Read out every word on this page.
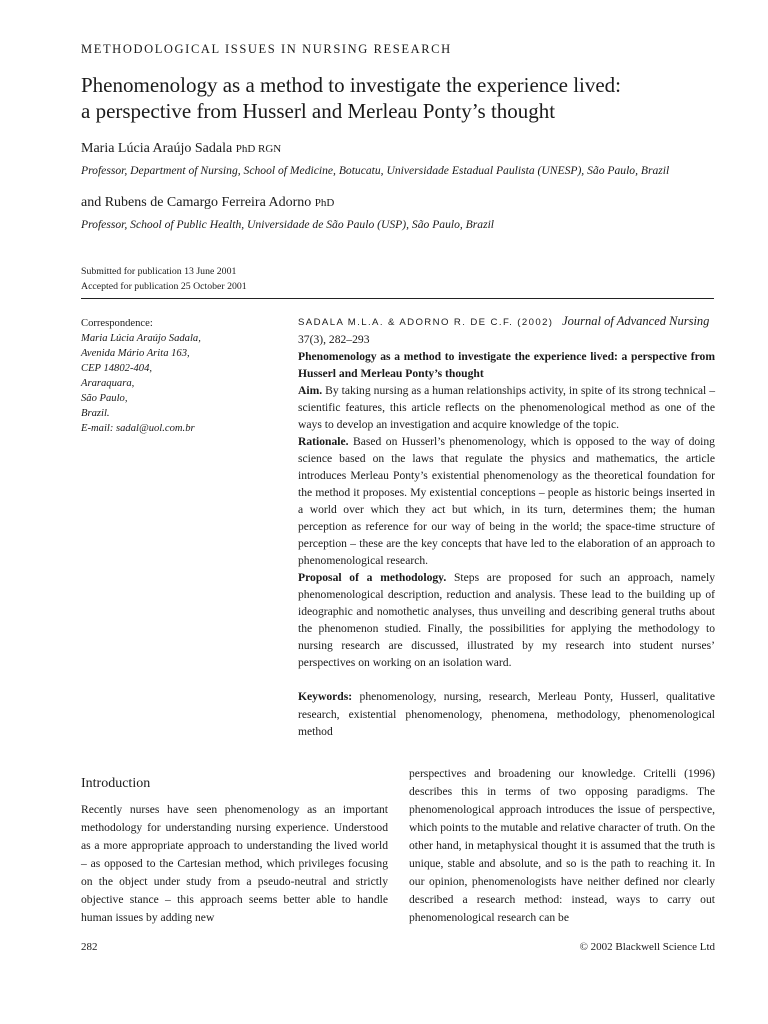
METHODOLOGICAL ISSUES IN NURSING RESEARCH
Phenomenology as a method to investigate the experience lived:
a perspective from Husserl and Merleau Ponty’s thought
Maria Lúcia Araújo Sadala PhD RGN
Professor, Department of Nursing, School of Medicine, Botucatu, Universidade Estadual Paulista (UNESP), São Paulo, Brazil
and Rubens de Camargo Ferreira Adorno PhD
Professor, School of Public Health, Universidade de São Paulo (USP), São Paulo, Brazil
Submitted for publication 13 June 2001
Accepted for publication 25 October 2001
Correspondence:
Maria Lúcia Araújo Sadala,
Avenida Mário Arita 163,
CEP 14802-404,
Araraquara,
São Paulo,
Brazil.
E-mail: sadal@uol.com.br
SADALA M.L.A. & ADORNO R. DE C.F. (2002) Journal of Advanced Nursing

37(3), 282–293

Phenomenology as a method to investigate the experience lived: a perspective from Husserl and Merleau Ponty’s thought

Aim. By taking nursing as a human relationships activity, in spite of its strong technical – scientific features, this article reflects on the phenomenological method as one of the ways to develop an investigation and acquire knowledge of the topic.

Rationale. Based on Husserl’s phenomenology, which is opposed to the way of doing science based on the laws that regulate the physics and mathematics, the article introduces Merleau Ponty’s existential phenomenology as the theoretical foundation for the method it proposes. My existential conceptions – people as historic beings inserted in a world over which they act but which, in its turn, determines them; the human perception as reference for our way of being in the world; the space-time structure of perception – these are the key concepts that have led to the elaboration of an approach to phenomenological research.

Proposal of a methodology. Steps are proposed for such an approach, namely phenomenological description, reduction and analysis. These lead to the building up of ideographic and nomothetic analyses, thus unveiling and describing general truths about the phenomenon studied. Finally, the possibilities for applying the methodology to nursing research are discussed, illustrated by my research into student nurses’ perspectives on working on an isolation ward.

Keywords: phenomenology, nursing, research, Merleau Ponty, Husserl, qualitative research, existential phenomenology, phenomena, methodology, phenomenological method
Introduction
Recently nurses have seen phenomenology as an important methodology for understanding nursing experience. Understood as a more appropriate approach to understanding the lived world – as opposed to the Cartesian method, which privileges focusing on the object under study from a pseudo-neutral and strictly objective stance – this approach seems better able to handle human issues by adding new
perspectives and broadening our knowledge. Critelli (1996) describes this in terms of two opposing paradigms. The phenomenological approach introduces the issue of perspective, which points to the mutable and relative character of truth. On the other hand, in metaphysical thought it is assumed that the truth is unique, stable and absolute, and so is the path to reaching it. In our opinion, phenomenologists have neither defined nor clearly described a research method: instead, ways to carry out phenomenological research can be
282	© 2002 Blackwell Science Ltd
